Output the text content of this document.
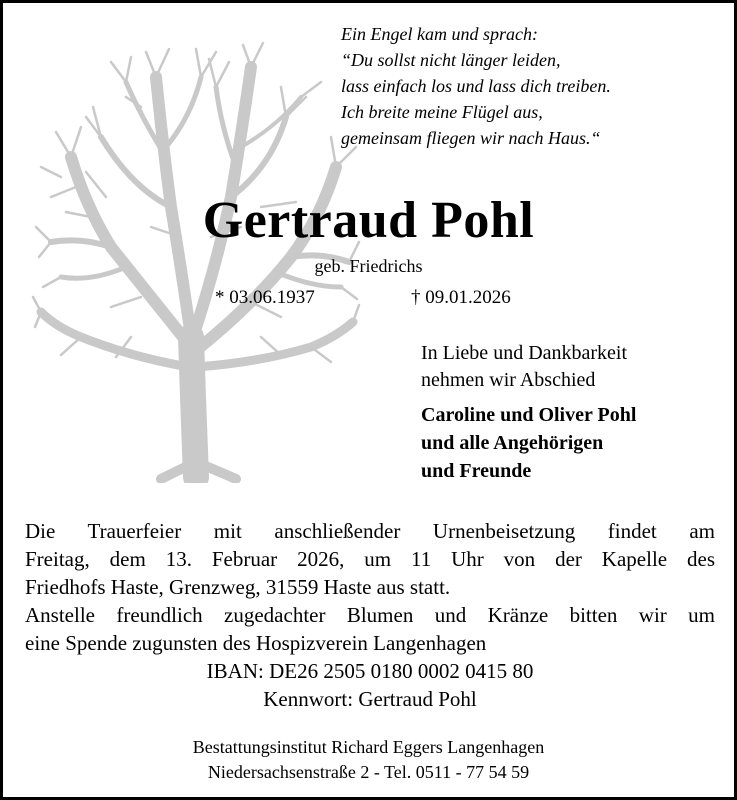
Ein Engel kam und sprach:
“Du sollst nicht länger leiden,
lass einfach los und lass dich treiben.
Ich breite meine Flügel aus,
gemeinsam fliegen wir nach Haus.“
Gertraud Pohl
geb. Friedrichs
* 03.06.1937	† 09.01.2026
In Liebe und Dankbarkeit
nehmen wir Abschied
Caroline und Oliver Pohl
und alle Angehörigen
und Freunde
Die Trauerfeier mit anschließender Urnenbeisetzung findet am
Freitag, dem 13. Februar 2026, um 11 Uhr von der Kapelle des
Friedhofs Haste, Grenzweg, 31559 Haste aus statt.
Anstelle freundlich zugedachter Blumen und Kränze bitten wir um
eine Spende zugunsten des Hospizverein Langenhagen
IBAN: DE26 2505 0180 0002 0415 80
Kennwort: Gertraud Pohl
Bestattungsinstitut Richard Eggers Langenhagen
Niedersachsenstraße 2 - Tel. 0511 - 77 54 59
